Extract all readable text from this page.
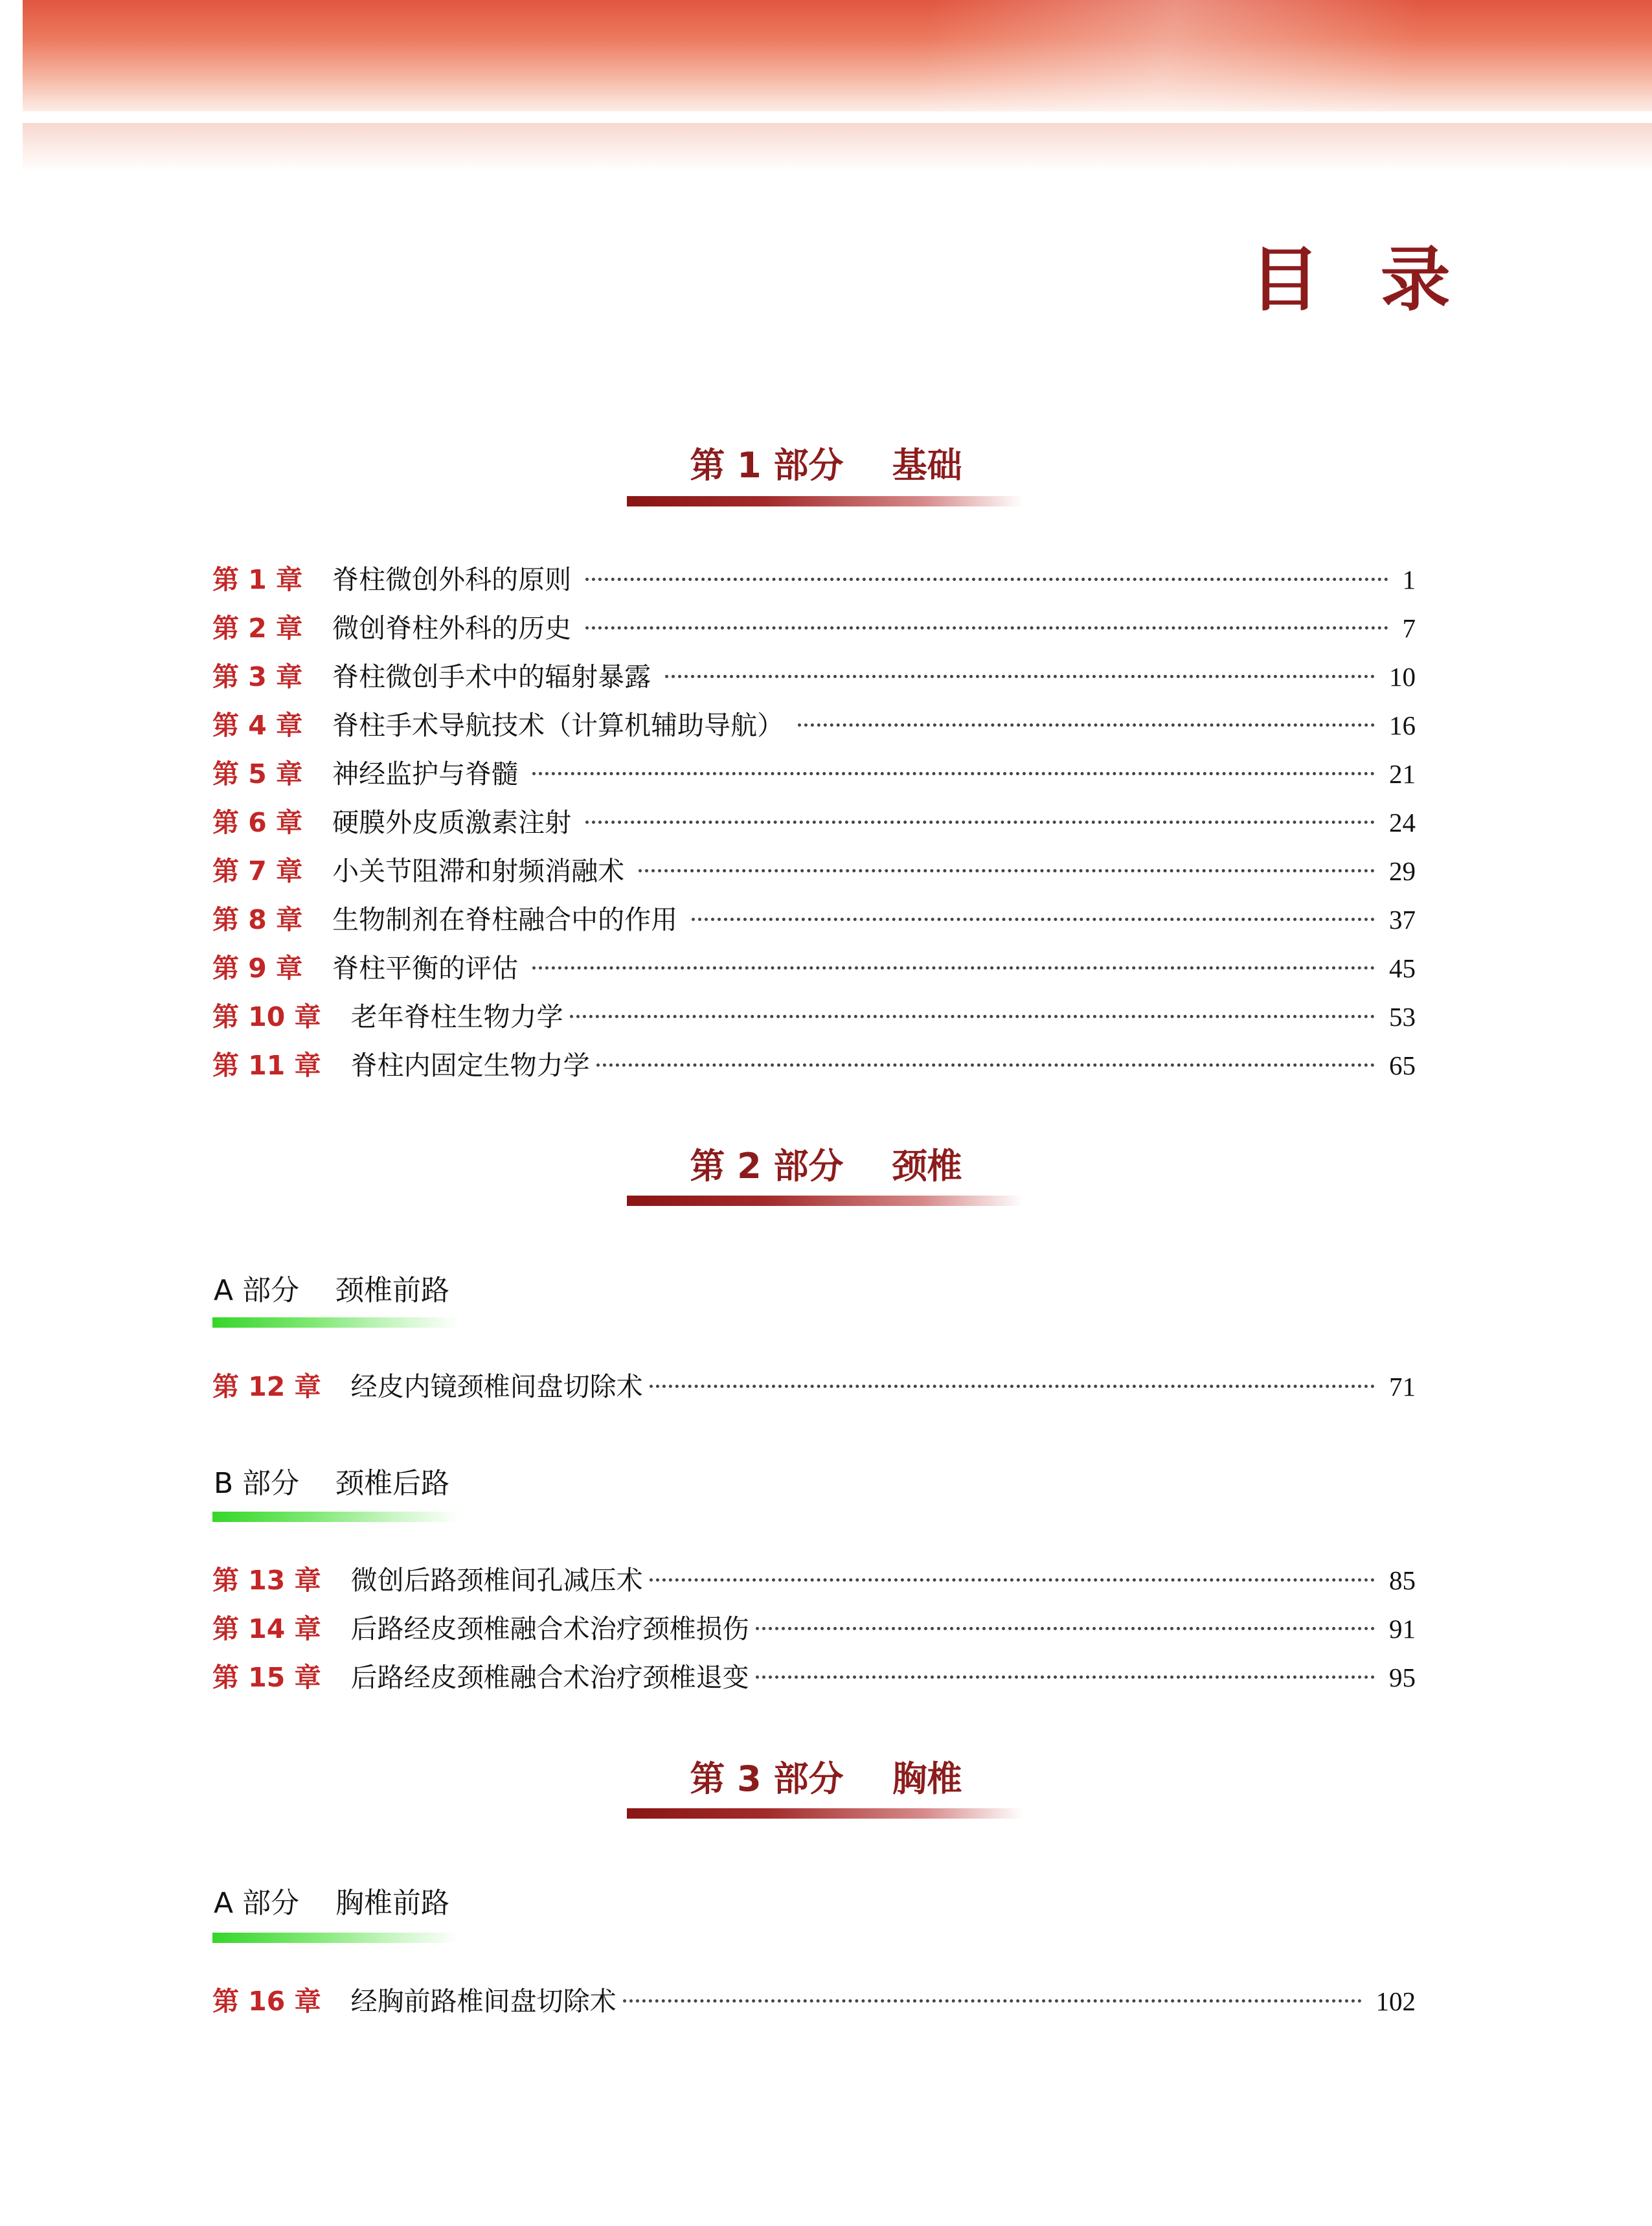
目 录
第 1 部分    基础
第 1 章 脊柱微创外科的原则	1
第 2 章 微创脊柱外科的历史	7
第 3 章 脊柱微创手术中的辐射暴露	10
第 4 章 脊柱手术导航技术（计算机辅助导航）	16
第 5 章 神经监护与脊髓	21
第 6 章 硬膜外皮质激素注射	24
第 7 章 小关节阻滞和射频消融术	29
第 8 章 生物制剂在脊柱融合中的作用	37
第 9 章 脊柱平衡的评估	45
第 10 章 老年脊柱生物力学	53
第 11 章 脊柱内固定生物力学	65
第 2 部分    颈椎
A 部分    颈椎前路
第 12 章 经皮内镜颈椎间盘切除术	71
B 部分    颈椎后路
第 13 章 微创后路颈椎间孔减压术	85
第 14 章 后路经皮颈椎融合术治疗颈椎损伤	91
第 15 章 后路经皮颈椎融合术治疗颈椎退变	95
第 3 部分    胸椎
A 部分    胸椎前路
第 16 章 经胸前路椎间盘切除术	102
